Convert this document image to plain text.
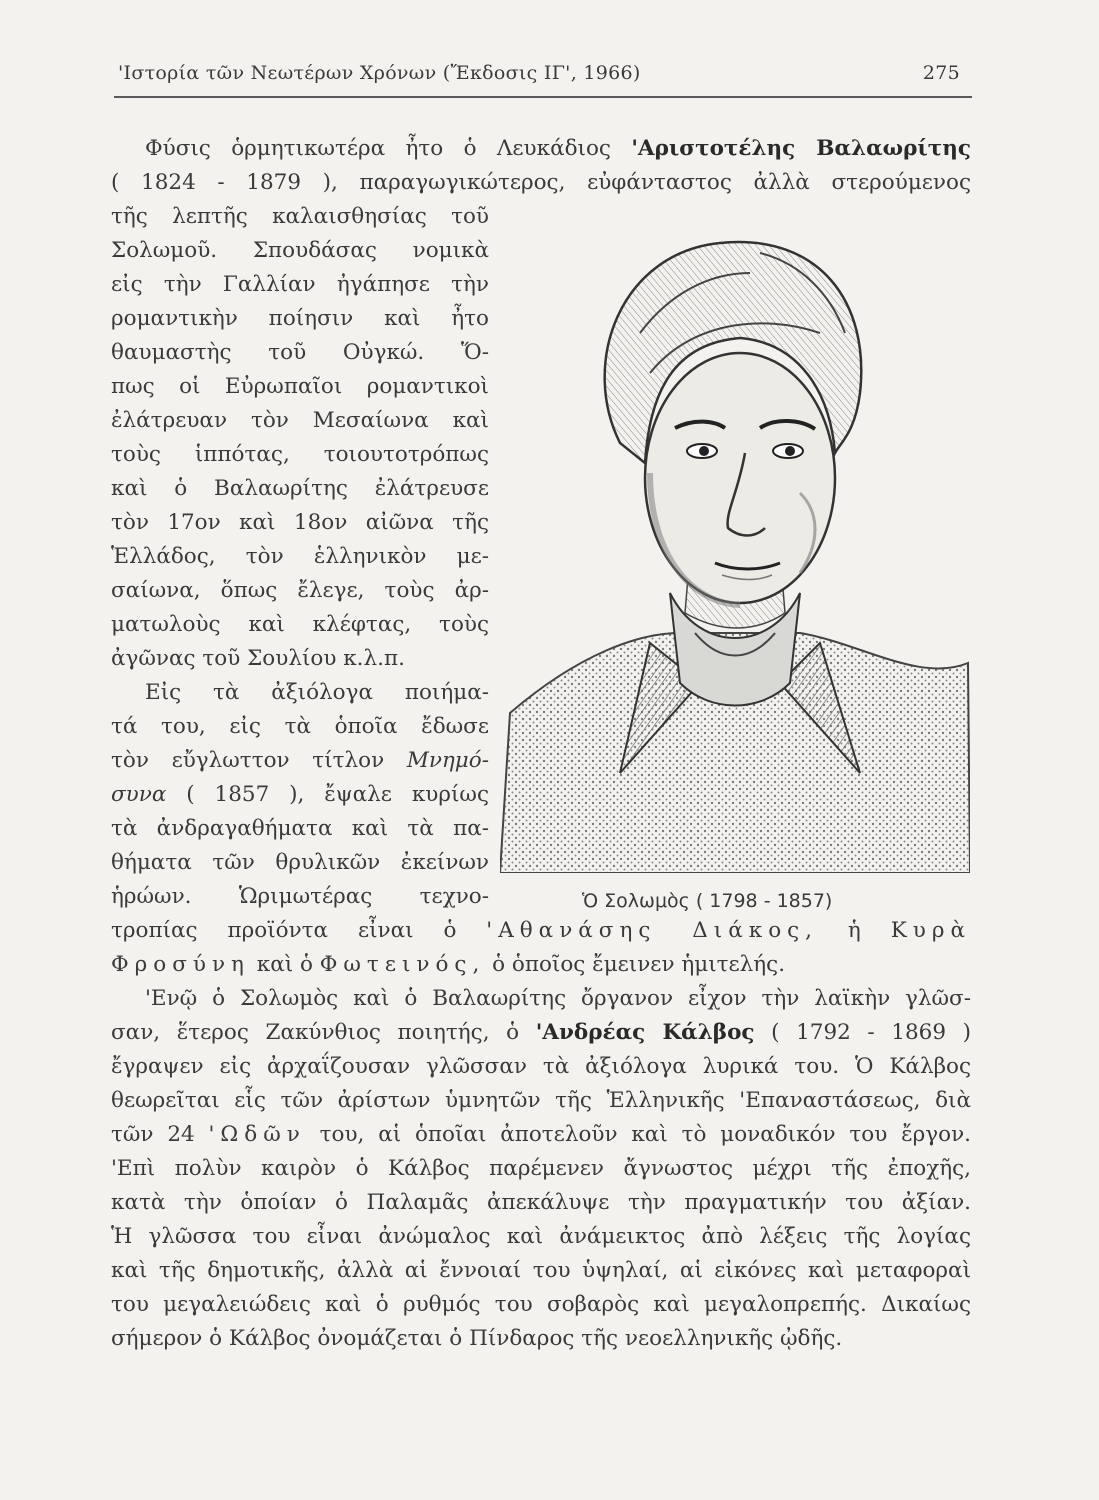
'Ιστορία τῶν Νεωτέρων Χρόνων (Ἔκδοσις ΙΓ', 1966)	275
Φύσις ὁρμητικωτέρα ἦτο ὁ Λευκάδιος 'Αριστοτέλης Βαλαωρίτης
( 1824 - 1879 ), παραγωγικώτερος, εὐφάνταστος ἀλλὰ στερούμενος
τῆς λεπτῆς καλαισθησίας τοῦ
Σολωμοῦ. Σπουδάσας νομικὰ
εἰς τὴν Γαλλίαν ἠγάπησε τὴν
ρομαντικὴν ποίησιν καὶ ἦτο
θαυμαστὴς τοῦ Οὐγκώ. Ὅ-
πως οἱ Εὐρωπαῖοι ρομαντικοὶ
ἐλάτρευαν τὸν Μεσαίωνα καὶ
τοὺς ἱππότας, τοιουτοτρόπως
καὶ ὁ Βαλαωρίτης ἐλάτρευσε
τὸν 17ον καὶ 18ον αἰῶνα τῆς
Ἑλλάδος, τὸν ἑλληνικὸν με-
σαίωνα, ὅπως ἔλεγε, τοὺς ἀρ-
ματωλοὺς καὶ κλέφτας, τοὺς
ἀγῶνας τοῦ Σουλίου κ.λ.π.
Εἰς τὰ ἀξιόλογα ποιήμα-
τά του, εἰς τὰ ὁποῖα ἔδωσε
τὸν εὔγλωττον τίτλον Μνημό-
συνα ( 1857 ), ἔψαλε κυρίως
τὰ ἀνδραγαθήματα καὶ τὰ πα-
θήματα τῶν θρυλικῶν ἐκείνων
ἡρώων. Ὡριμωτέρας τεχνο-
τροπίας προϊόντα εἶναι ὁ 'Αθανάσης Διάκος, ἡ Κυρὰ
Φροσύνη καὶ ὁ Φωτεινός, ὁ ὁποῖος ἔμεινεν ἡμιτελής.
'Ενῷ ὁ Σολωμὸς καὶ ὁ Βαλαωρίτης ὄργανον εἶχον τὴν λαϊκὴν γλῶσ-
σαν, ἕτερος Ζακύνθιος ποιητής, ὁ 'Ανδρέας Κάλβος ( 1792 - 1869 )
ἔγραψεν εἰς ἀρχαΐζουσαν γλῶσσαν τὰ ἀξιόλογα λυρικά του. Ὁ Κάλβος
θεωρεῖται εἷς τῶν ἀρίστων ὑμνητῶν τῆς Ἑλληνικῆς 'Επαναστάσεως, διὰ
τῶν 24 'Ωδῶν του, αἱ ὁποῖαι ἀποτελοῦν καὶ τὸ μοναδικόν του ἔργον.
'Επὶ πολὺν καιρὸν ὁ Κάλβος παρέμενεν ἄγνωστος μέχρι τῆς ἐποχῆς,
κατὰ τὴν ὁποίαν ὁ Παλαμᾶς ἀπεκάλυψε τὴν πραγματικήν του ἀξίαν.
Ἡ γλῶσσα του εἶναι ἀνώμαλος καὶ ἀνάμεικτος ἀπὸ λέξεις τῆς λογίας
καὶ τῆς δημοτικῆς, ἀλλὰ αἱ ἔννοιαί του ὑψηλαί, αἱ εἰκόνες καὶ μεταφοραὶ
του μεγαλειώδεις καὶ ὁ ρυθμός του σοβαρὸς καὶ μεγαλοπρεπής. Δικαίως
σήμερον ὁ Κάλβος ὀνομάζεται ὁ Πίνδαρος τῆς νεοελληνικῆς ᾠδῆς.
Ὁ Σολωμὸς ( 1798 - 1857)
